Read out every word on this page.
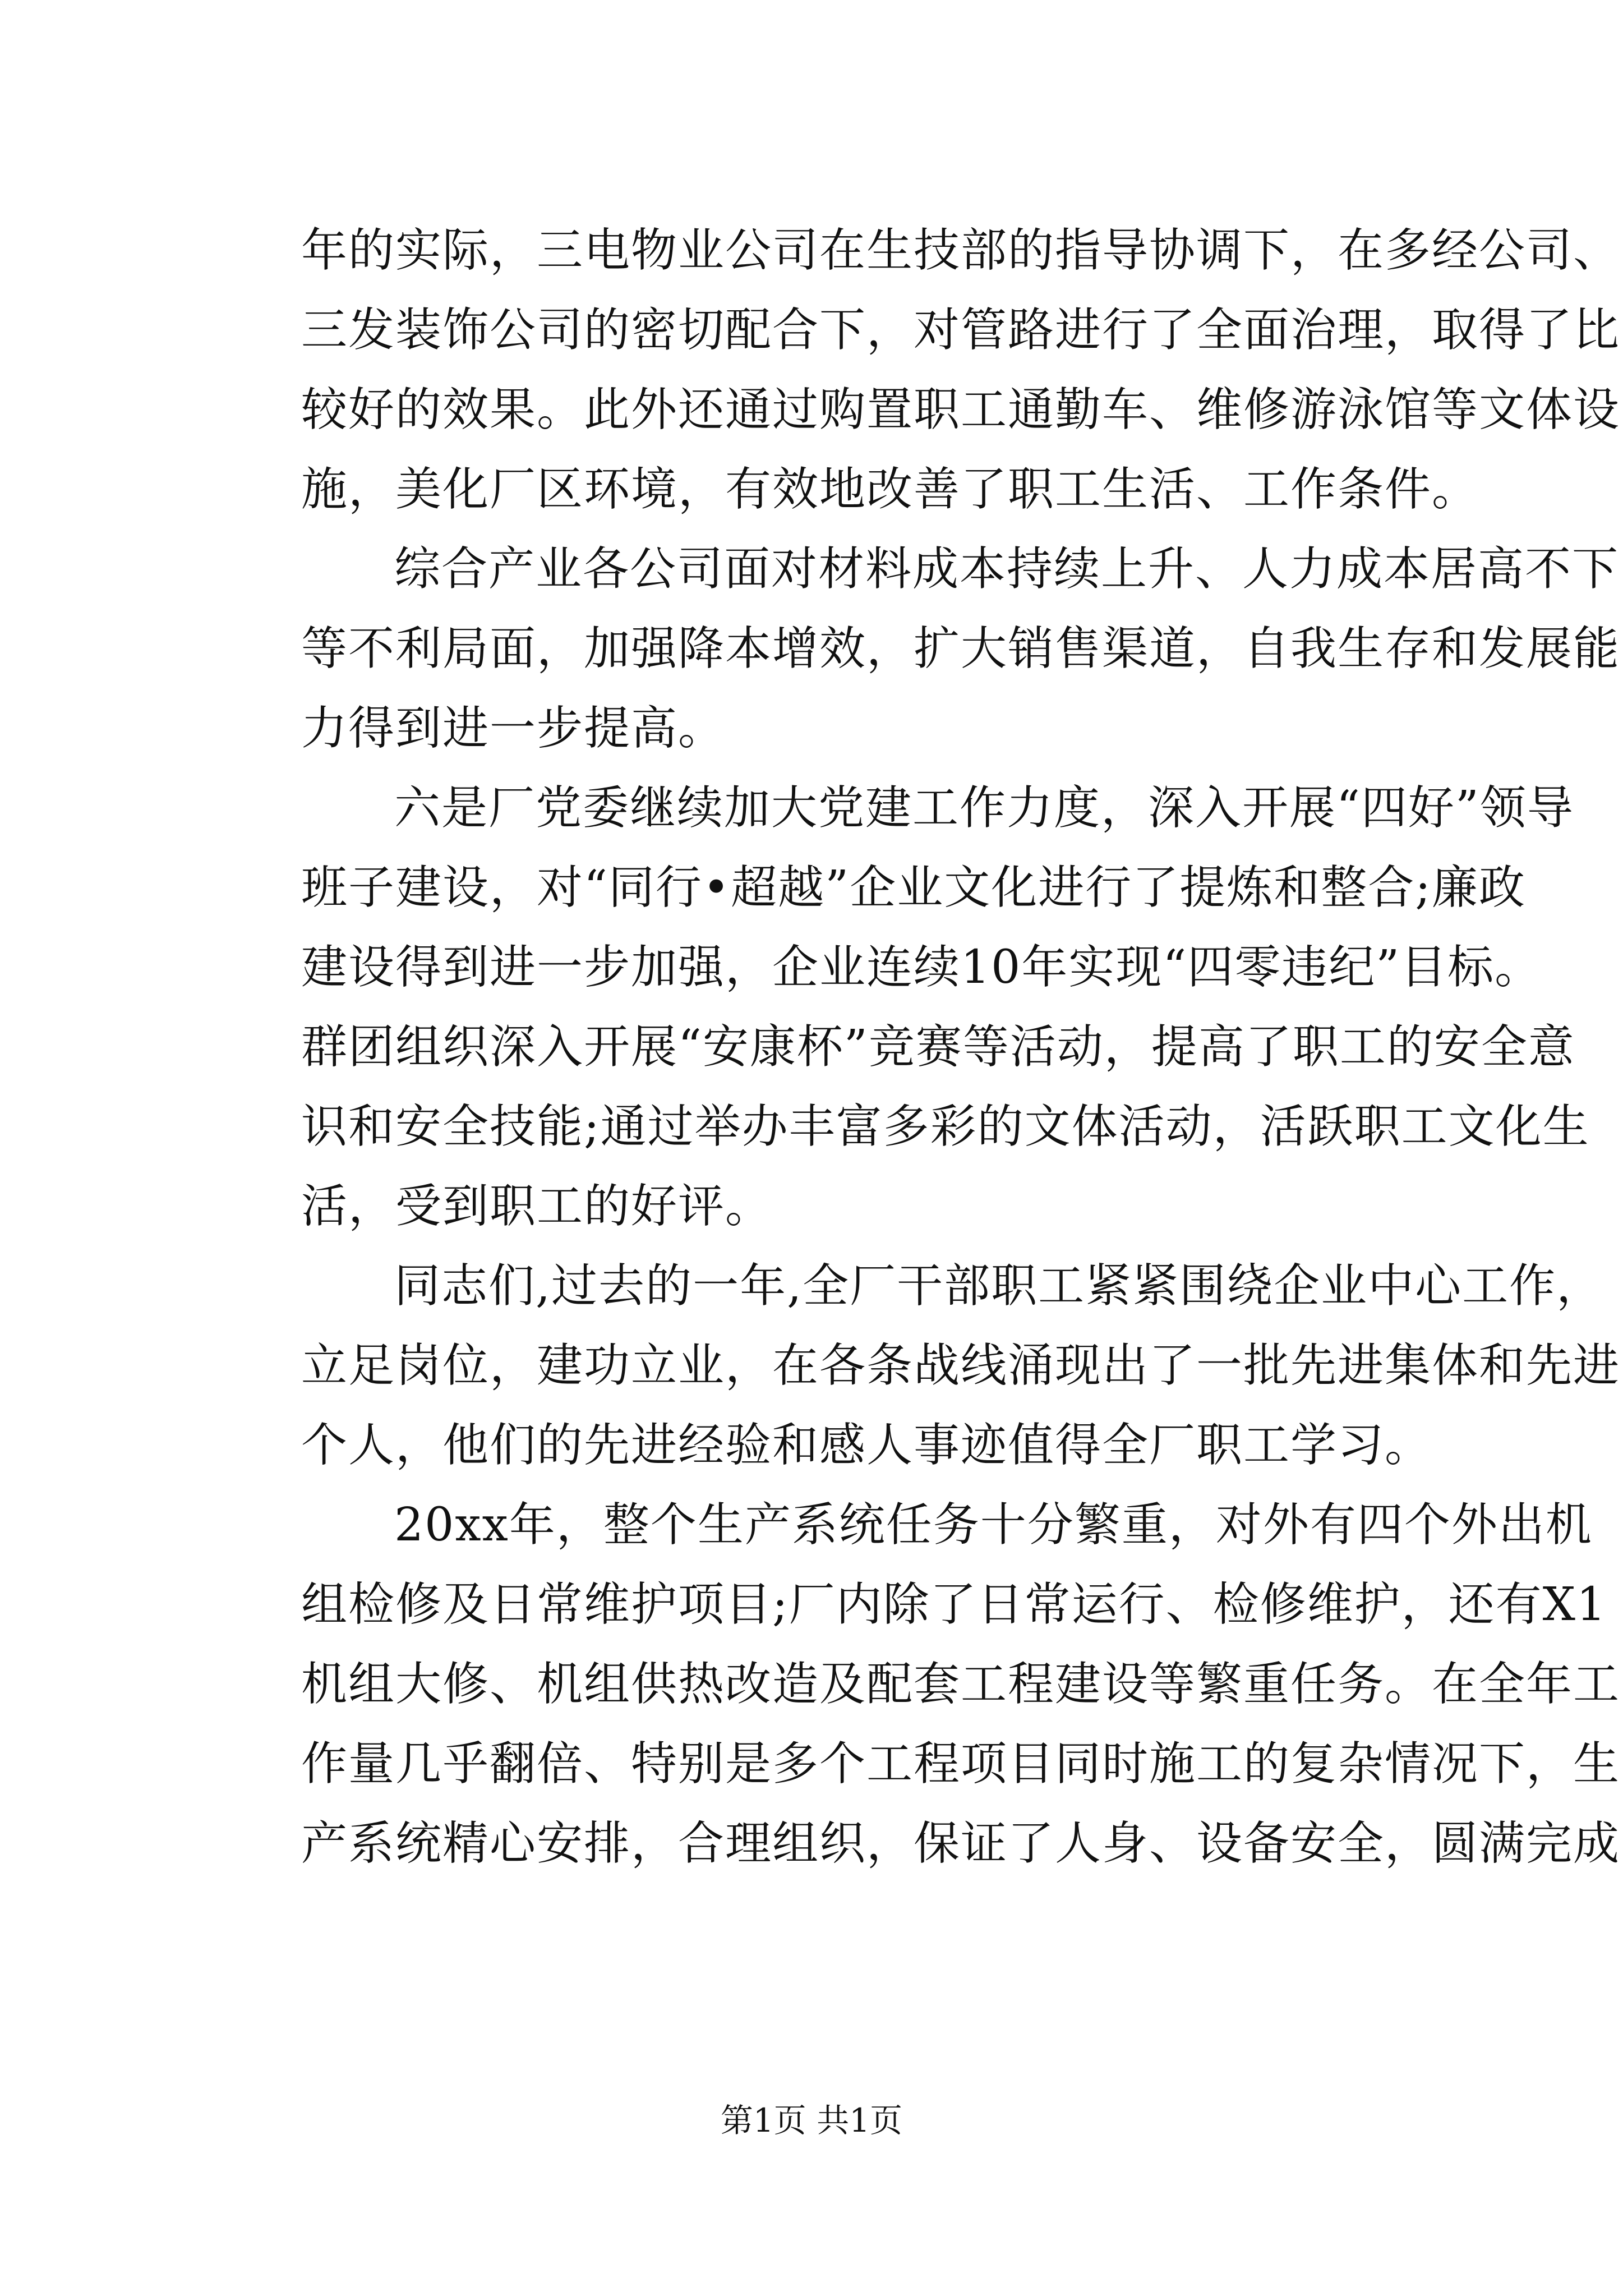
年的实际，三电物业公司在生技部的指导协调下，在多经公司、
三发装饰公司的密切配合下，对管路进行了全面治理，取得了比
较好的效果。此外还通过购置职工通勤车、维修游泳馆等文体设
施，美化厂区环境，有效地改善了职工生活、工作条件。
综合产业各公司面对材料成本持续上升、人力成本居高不下
等不利局面，加强降本增效，扩大销售渠道，自我生存和发展能
力得到进一步提高。
六是厂党委继续加大党建工作力度，深入开展“四好”领导
班子建设，对“同行•超越”企业文化进行了提炼和整合;廉政
建设得到进一步加强，企业连续10年实现“四零违纪”目标。
群团组织深入开展“安康杯”竞赛等活动，提高了职工的安全意
识和安全技能;通过举办丰富多彩的文体活动，活跃职工文化生
活，受到职工的好评。
同志们,过去的一年,全厂干部职工紧紧围绕企业中心工作，
立足岗位，建功立业，在各条战线涌现出了一批先进集体和先进
个人，他们的先进经验和感人事迹值得全厂职工学习。
20xx年，整个生产系统任务十分繁重，对外有四个外出机
组检修及日常维护项目;厂内除了日常运行、检修维护，还有X1
机组大修、机组供热改造及配套工程建设等繁重任务。在全年工
作量几乎翻倍、特别是多个工程项目同时施工的复杂情况下，生
产系统精心安排，合理组织，保证了人身、设备安全，圆满完成
第1页 共1页
